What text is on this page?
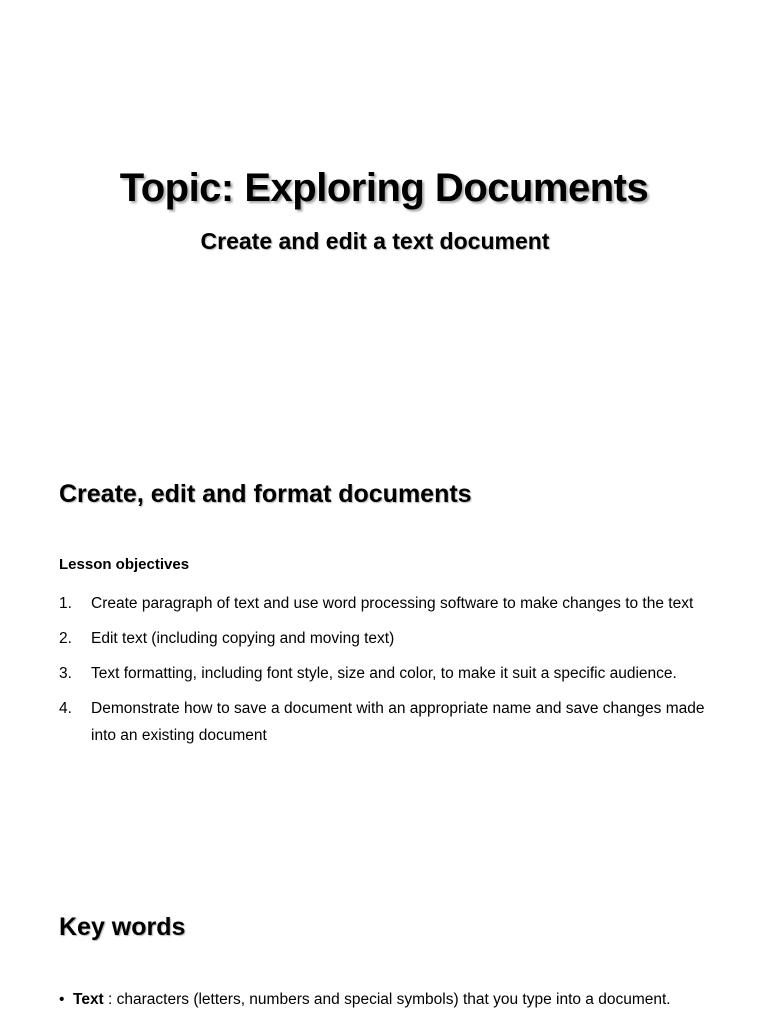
Topic: Exploring Documents
Create and edit a text document
Create, edit and format documents

Lesson objectives

1. Create paragraph of text and use word processing software to make changes to the text
2. Edit text (including copying and moving text)
3. Text formatting, including font style, size and color, to make it suit a specific audience.
4. Demonstrate how to save a document with an appropriate name and save changes made into an existing document
Key words
• Text : characters (letters, numbers and special symbols) that you type into a document.
